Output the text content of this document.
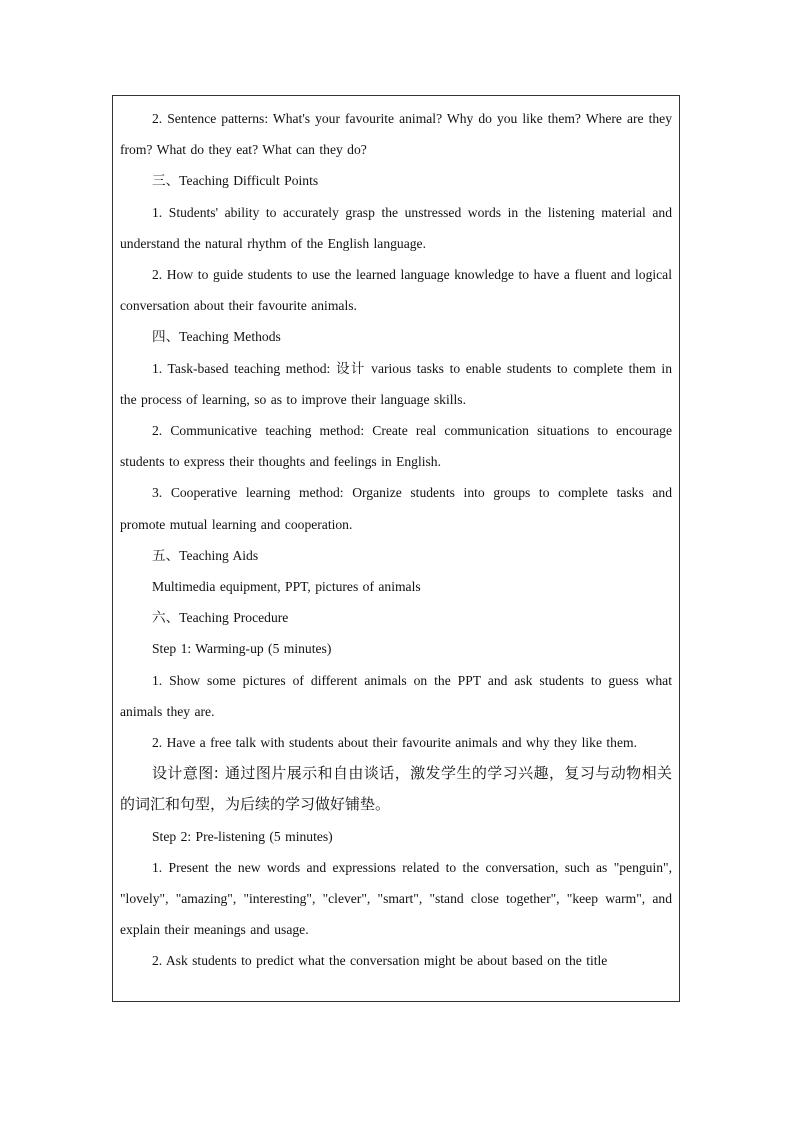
2. Sentence patterns: What's your favourite animal? Why do you like them? Where are they from? What do they eat? What can they do?

三、Teaching Difficult Points

1. Students' ability to accurately grasp the unstressed words in the listening material and understand the natural rhythm of the English language.

2. How to guide students to use the learned language knowledge to have a fluent and logical conversation about their favourite animals.

四、Teaching Methods

1. Task-based teaching method: 设计 various tasks to enable students to complete them in the process of learning, so as to improve their language skills.

2. Communicative teaching method: Create real communication situations to encourage students to express their thoughts and feelings in English.

3. Cooperative learning method: Organize students into groups to complete tasks and promote mutual learning and cooperation.

五、Teaching Aids

Multimedia equipment, PPT, pictures of animals

六、Teaching Procedure

Step 1: Warming-up (5 minutes)

1. Show some pictures of different animals on the PPT and ask students to guess what animals they are.

2. Have a free talk with students about their favourite animals and why they like them.

设计意图: 通过图片展示和自由谈话，激发学生的学习兴趣，复习与动物相关的词汇和句型，为后续的学习做好铺垫。

Step 2: Pre-listening (5 minutes)

1. Present the new words and expressions related to the conversation, such as "penguin", "lovely", "amazing", "interesting", "clever", "smart", "stand close together", "keep warm", and explain their meanings and usage.

2. Ask students to predict what the conversation might be about based on the title
